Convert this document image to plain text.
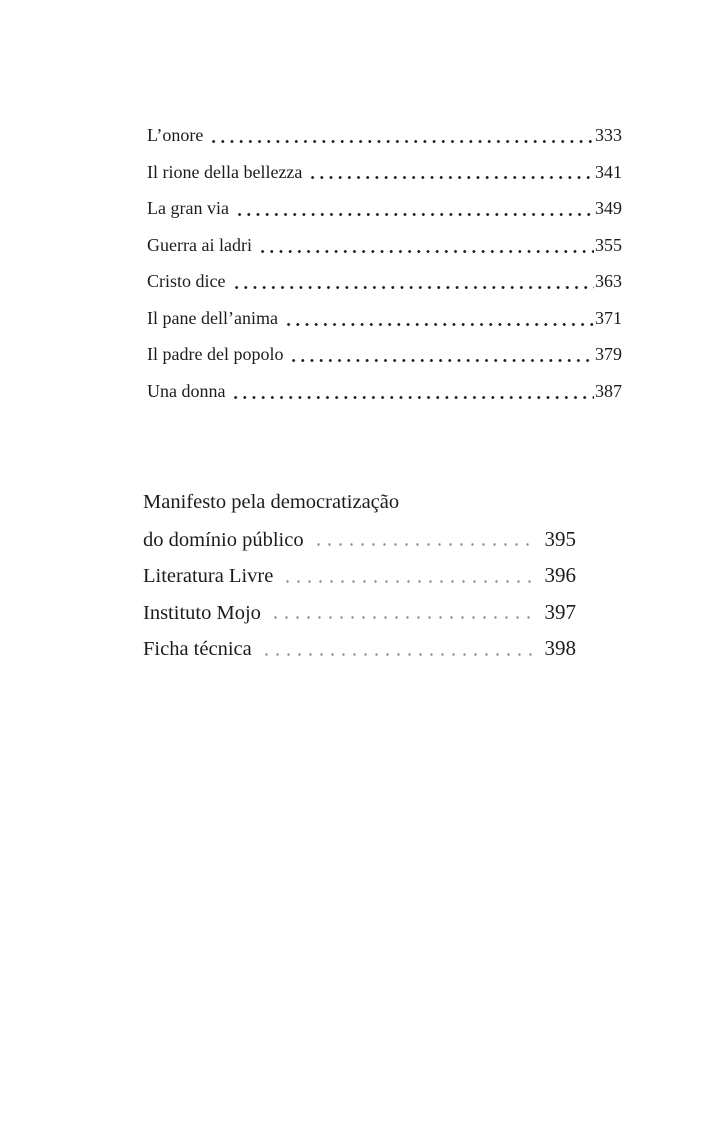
L’onore	333
Il rione della bellezza	341
La gran via	349
Guerra ai ladri	355
Cristo dice	363
Il pane dell’anima	371
Il padre del popolo	379
Una donna	387
Manifesto pela democratização
do domínio público	395
Literatura Livre	396
Instituto Mojo	397
Ficha técnica	398
